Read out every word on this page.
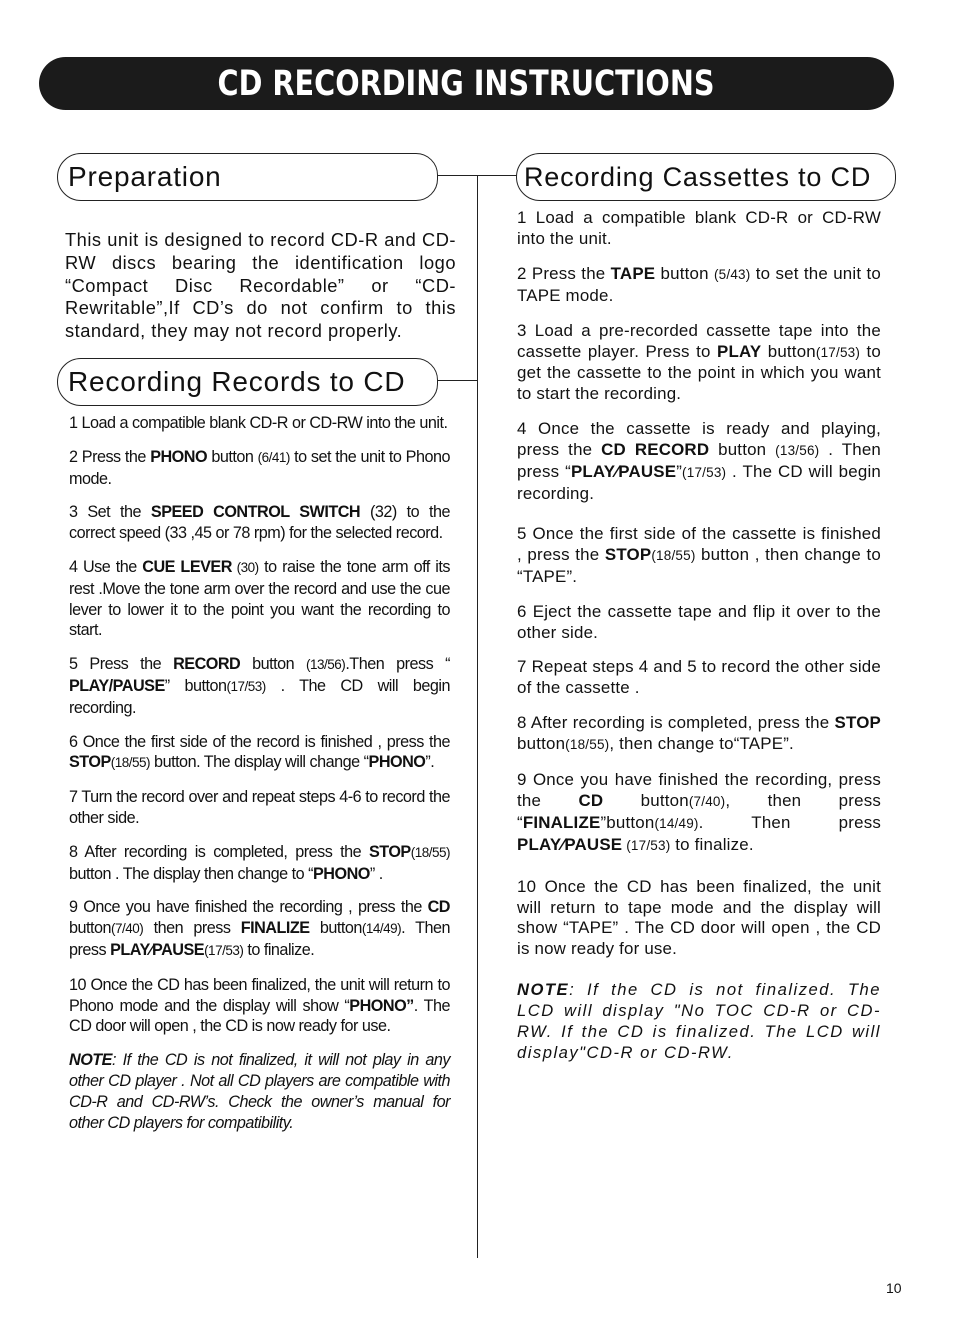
CD RECORDING INSTRUCTIONS
Preparation
This unit is designed to record CD-R and CD-RW discs bearing the identification logo “Compact Disc Recordable” or “CD-Rewritable”,If CD’s do not confirm to this standard, they may not record properly.
Recording Records to CD
Recording Cassettes to CD

1 Load a compatible blank CD-R or CD-RW into the unit.

2 Press the PHONO button (6/41) to set the unit to Phono mode.

3 Set the SPEED CONTROL SWITCH (32) to the correct speed (33 ,45 or 78 rpm) for the selected record.

4 Use the CUE LEVER (30) to raise the tone arm off its rest .Move the tone arm over the record and use the cue lever to lower it to the point you want the recording to start.

5 Press the RECORD button (13/56).Then press “ PLAY/PAUSE” button(17/53) . The CD will begin recording.

6 Once the first side of the record is finished , press the STOP(18/55) button. The display will change “PHONO”.

7 Turn the record over and repeat steps 4-6 to record the other side.

8 After recording is completed, press the STOP(18/55) button . The display then change to “PHONO” .

9 Once you have finished the recording , press the CD button(7/40) then press FINALIZE button(14/49). Then press PLAY∕PAUSE(17/53) to finalize.

10 Once the CD has been finalized, the unit will return to Phono mode and the display will show “PHONO”. The CD door will open , the CD is now ready for use.

NOTE: If the CD is not finalized, it will not play in any other CD player . Not all CD players are compatible with CD-R and CD-RW’s. Check the owner’s manual for other CD players for compatibility.

1 Load a compatible blank CD-R or CD-RW into the unit.

2 Press the TAPE button (5/43) to set the unit to TAPE mode.

3 Load a pre-recorded cassette tape into the cassette player. Press to PLAY button(17/53) to get the cassette to the point in which you want to start the recording.

4 Once the cassette is ready and playing, press the CD RECORD button (13/56) . Then press “PLAY∕PAUSE”(17/53) . The CD will begin recording.

5 Once the first side of the cassette is finished , press the STOP(18/55) button , then change to “TAPE”.

6 Eject the cassette tape and flip it over to the other side.

7 Repeat steps 4 and 5 to record the other side of the cassette .

8 After recording is completed, press the STOP button(18/55), then change to“TAPE”.

9 Once you have finished the recording, press the CD button(7/40), then press “FINALIZE”button(14/49). Then press PLAY∕PAUSE (17/53) to finalize.

10 Once the CD has been finalized, the unit will return to tape mode and the display will show “TAPE” . The CD door will open , the CD is now ready for use.

NOTE: If the CD is not finalized. The LCD will display "No TOC CD-R or CD-RW. If the CD is finalized. The LCD will display"CD-R or CD-RW.

10
